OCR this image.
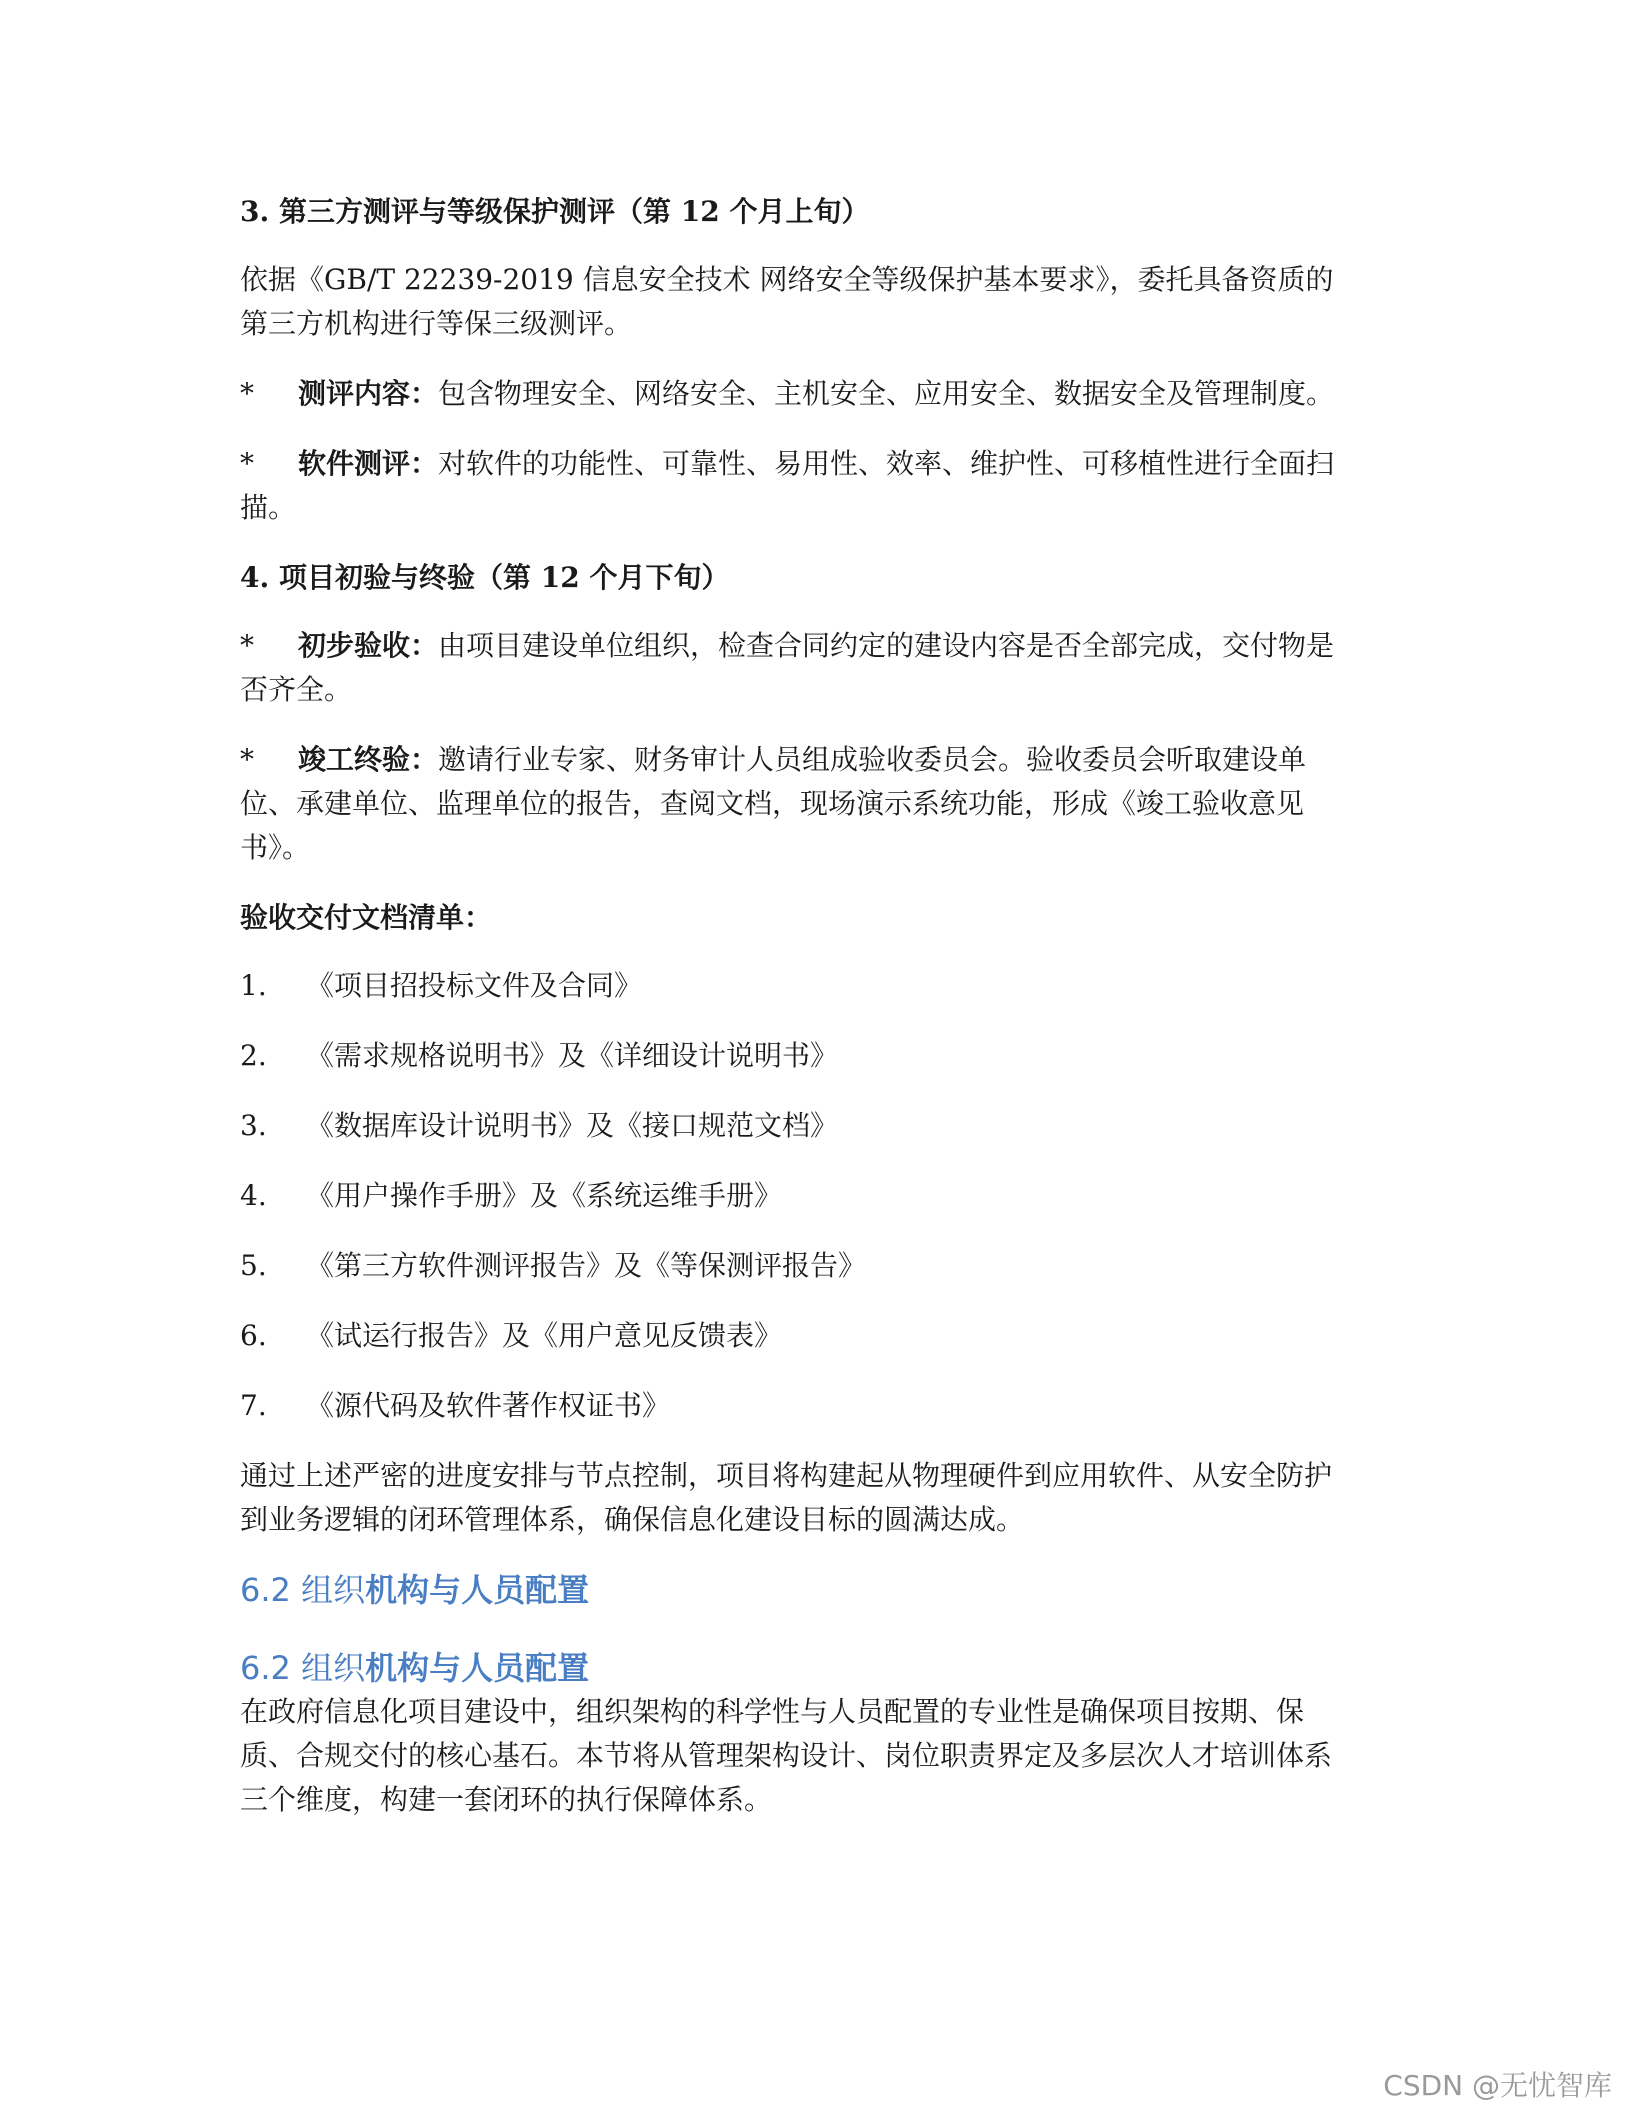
3. 第三方测评与等级保护测评（第 12 个月上旬）

依据《GB/T 22239-2019 信息安全技术 网络安全等级保护基本要求》，委托具备资质的

第三方机构进行等保三级测评。

* 测评内容：包含物理安全、网络安全、主机安全、应用安全、数据安全及管理制度。

* 软件测评：对软件的功能性、可靠性、易用性、效率、维护性、可移植性进行全面扫

描。

4. 项目初验与终验（第 12 个月下旬）

* 初步验收：由项目建设单位组织，检查合同约定的建设内容是否全部完成，交付物是

否齐全。

* 竣工终验：邀请行业专家、财务审计人员组成验收委员会。验收委员会听取建设单

位、承建单位、监理单位的报告，查阅文档，现场演示系统功能，形成《竣工验收意见

书》。

验收交付文档清单：

1. 《项目招投标文件及合同》

2. 《需求规格说明书》及《详细设计说明书》

3. 《数据库设计说明书》及《接口规范文档》

4. 《用户操作手册》及《系统运维手册》

5. 《第三方软件测评报告》及《等保测评报告》

6. 《试运行报告》及《用户意见反馈表》

7. 《源代码及软件著作权证书》

通过上述严密的进度安排与节点控制，项目将构建起从物理硬件到应用软件、从安全防护

到业务逻辑的闭环管理体系，确保信息化建设目标的圆满达成。

6.2 组织机构与人员配置
6.2 组织机构与人员配置

在政府信息化项目建设中，组织架构的科学性与人员配置的专业性是确保项目按期、保

质、合规交付的核心基石。本节将从管理架构设计、岗位职责界定及多层次人才培训体系

三个维度，构建一套闭环的执行保障体系。

CSDN @无忧智库
